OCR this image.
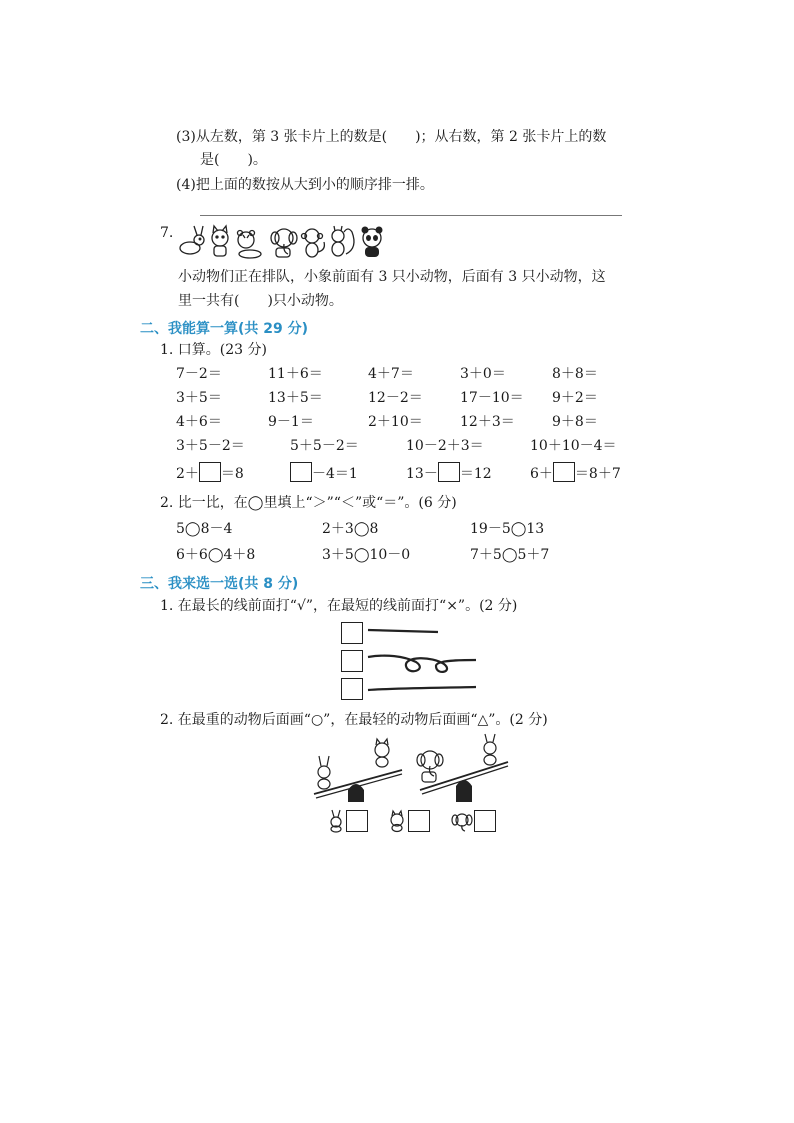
(3)从左数，第 3 张卡片上的数是(　　)；从右数，第 2 张卡片上的数
是(　　)。
(4)把上面的数按从大到小的顺序排一排。
7.
小动物们正在排队，小象前面有 3 只小动物，后面有 3 只小动物，这
里一共有(　　)只小动物。
二、我能算一算(共 29 分)
1. 口算。(23 分)
7－2＝	11＋6＝	4＋7＝	3＋0＝	8＋8＝
3＋5＝	13＋5＝	12－2＝	17－10＝ 9＋2＝
4＋6＝	9－1＝	2＋10＝	12＋3＝	9＋8＝
3＋5－2＝	5＋5－2＝	10－2＋3＝	10＋10－4＝
2＋ ＝8	－4＝1	13－ ＝12	6＋ ＝8＋7
2. 比一比，在◯里填上“＞”“＜”或“＝”。(6 分)
5◯8－4	2＋3◯8	19－5◯13
6＋6◯4＋8	3＋5◯10－0	7＋5◯5＋7
三、我来选一选(共 8 分)
1. 在最长的线前面打“√”，在最短的线前面打“×”。(2 分)
2. 在最重的动物后面画“○”，在最轻的动物后面画“△”。(2 分)
